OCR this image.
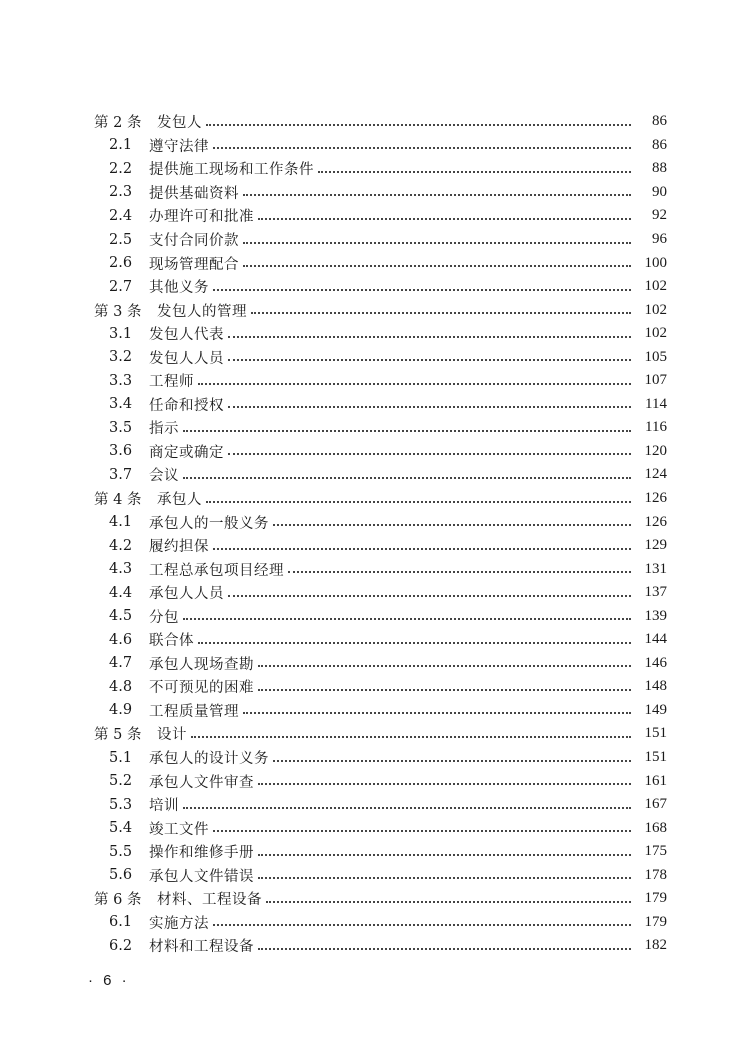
第 2 条	发包人	86
2.1	遵守法律	86
2.2	提供施工现场和工作条件	88
2.3	提供基础资料	90
2.4	办理许可和批准	92
2.5	支付合同价款	96
2.6	现场管理配合	100
2.7	其他义务	102
第 3 条	发包人的管理	102
3.1	发包人代表	102
3.2	发包人人员	105
3.3	工程师	107
3.4	任命和授权	114
3.5	指示	116
3.6	商定或确定	120
3.7	会议	124
第 4 条	承包人	126
4.1	承包人的一般义务	126
4.2	履约担保	129
4.3	工程总承包项目经理	131
4.4	承包人人员	137
4.5	分包	139
4.6	联合体	144
4.7	承包人现场查勘	146
4.8	不可预见的困难	148
4.9	工程质量管理	149
第 5 条	设计	151
5.1	承包人的设计义务	151
5.2	承包人文件审查	161
5.3	培训	167
5.4	竣工文件	168
5.5	操作和维修手册	175
5.6	承包人文件错误	178
第 6 条	材料、工程设备	179
6.1	实施方法	179
6.2	材料和工程设备	182
· 6 ·
